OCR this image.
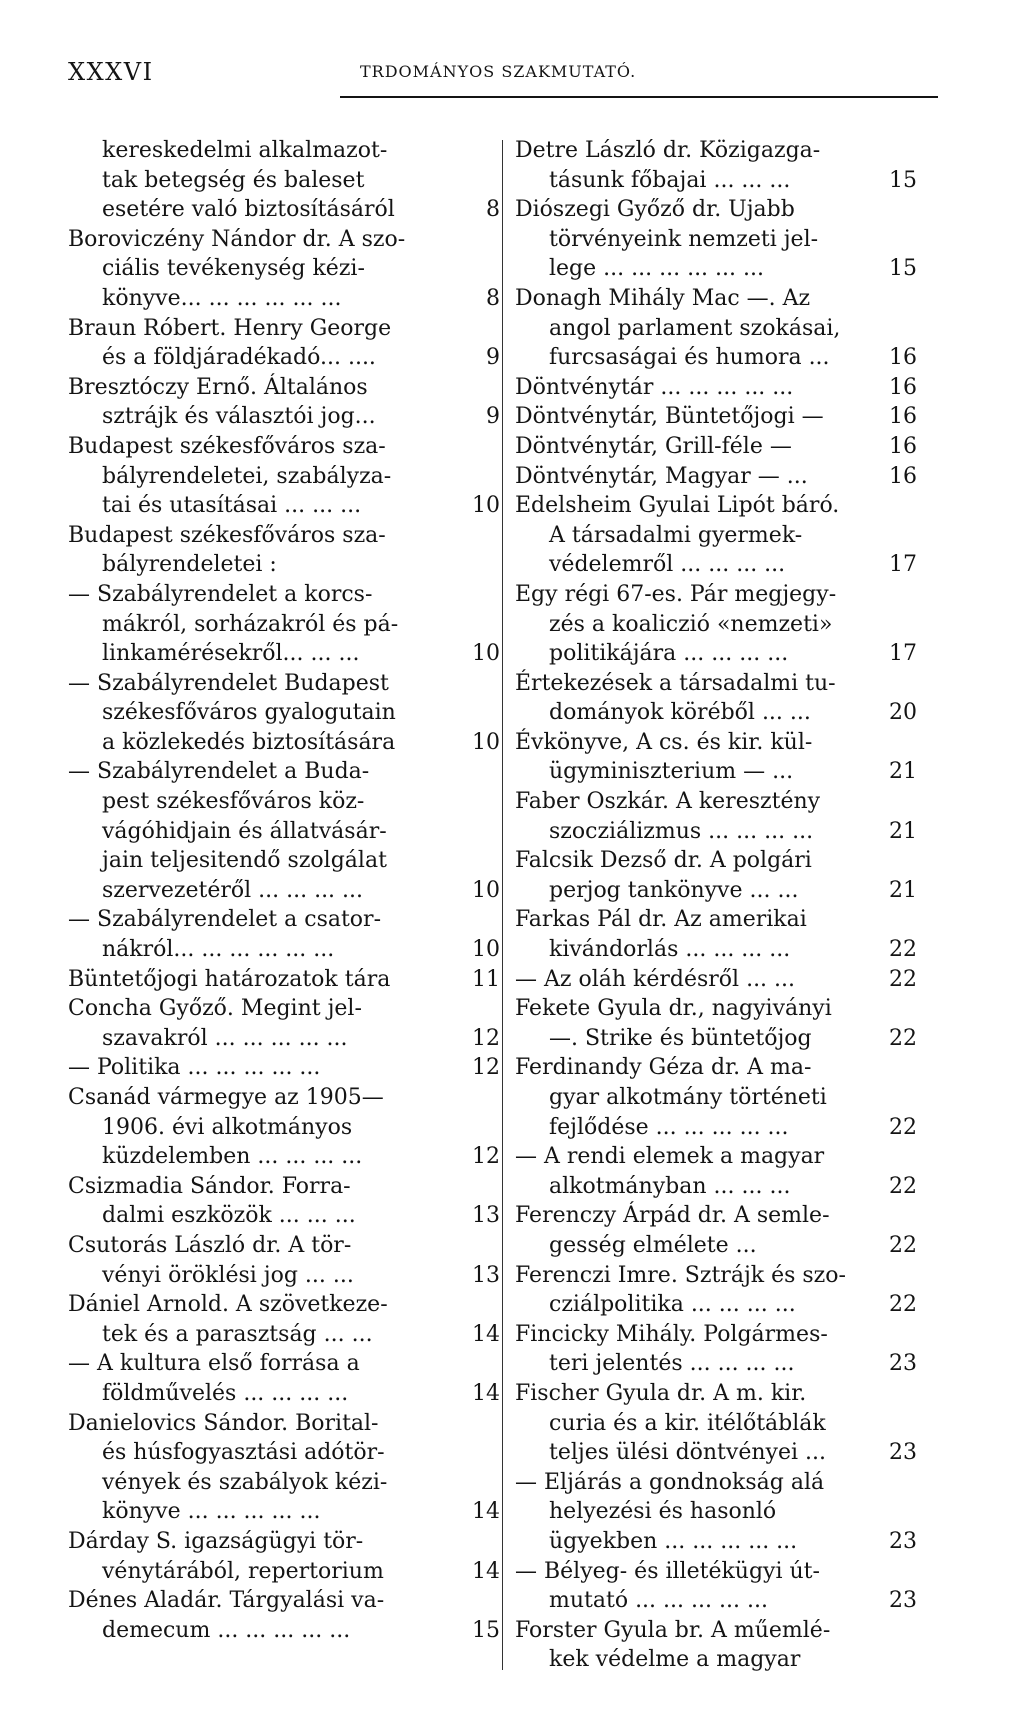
XXXVI	TRDOMÁNYOS SZAKMUTATÓ.
kereskedelmi alkalmazot-
tak betegség és baleset
esetére való biztosításáról	8
Boroviczény Nándor dr. A szo-
ciális tevékenység kézi-
könyve... ... ... ... ... ...	8
Braun Róbert. Henry George
és a földjáradékadó... ....	9
Bresztóczy Ernő. Általános
sztrájk és választói jog...	9
Budapest székesfőváros sza-
bályrendeletei, szabályza-
tai és utasításai ... ... ...	10
Budapest székesfőváros sza-
bályrendeletei :
— Szabályrendelet a korcs-
mákról, sorházakról és pá-
linkamérésekről... ... ...	10
— Szabályrendelet Budapest
székesfőváros gyalogutain
a közlekedés biztosítására	10
— Szabályrendelet a Buda-
pest székesfőváros köz-
vágóhidjain és állatvásár-
jain teljesitendő szolgálat
szervezetéről ... ... ... ...	10
— Szabályrendelet a csator-
nákról... ... ... ... ... ...	10
Büntetőjogi határozatok tára	11
Concha Győző. Megint jel-
szavakról ... ... ... ... ...	12
— Politika ... ... ... ... ...	12
Csanád vármegye az 1905—
1906. évi alkotmányos
küzdelemben ... ... ... ...	12
Csizmadia Sándor. Forra-
dalmi eszközök ... ... ...	13
Csutorás László dr. A tör-
vényi öröklési jog ... ...	13
Dániel Arnold. A szövetkeze-
tek és a parasztság ... ...	14
— A kultura első forrása a
földművelés ... ... ... ...	14
Danielovics Sándor. Borital-
és húsfogyasztási adótör-
vények és szabályok kézi-
könyve ... ... ... ... ...	14
Dárday S. igazságügyi tör-
vénytárából, repertorium	14
Dénes Aladár. Tárgyalási va-
demecum ... ... ... ... ...	15
Detre László dr. Közigazga-
tásunk főbajai ... ... ...	15
Diószegi Győző dr. Ujabb
törvényeink nemzeti jel-
lege ... ... ... ... ... ...	15
Donagh Mihály Mac —. Az
angol parlament szokásai,
furcsaságai és humora ...	16
Döntvénytár ... ... ... ... ...	16
Döntvénytár, Büntetőjogi —	16
Döntvénytár, Grill-féle —	16
Döntvénytár, Magyar — ...	16
Edelsheim Gyulai Lipót báró.
A társadalmi gyermek-
védelemről ... ... ... ...	17
Egy régi 67-es. Pár megjegy-
zés a koaliczió «nemzeti»
politikájára ... ... ... ...	17
Értekezések a társadalmi tu-
dományok köréből ... ...	20
Évkönyve, A cs. és kir. kül-
ügyminiszterium — ...	21
Faber Oszkár. A keresztény
szocziálizmus ... ... ... ...	21
Falcsik Dezső dr. A polgári
perjog tankönyve ... ...	21
Farkas Pál dr. Az amerikai
kivándorlás ... ... ... ...	22
— Az oláh kérdésről ... ...	22
Fekete Gyula dr., nagyiványi
—. Strike és büntetőjog	22
Ferdinandy Géza dr. A ma-
gyar alkotmány történeti
fejlődése ... ... ... ... ...	22
— A rendi elemek a magyar
alkotmányban ... ... ...	22
Ferenczy Árpád dr. A semle-
gesség elmélete ...	22
Ferenczi Imre. Sztrájk és szo-
cziálpolitika ... ... ... ...	22
Fincicky Mihály. Polgármes-
teri jelentés ... ... ... ...	23
Fischer Gyula dr. A m. kir.
curia és a kir. itélőtáblák
teljes ülési döntvényei ...	23
— Eljárás a gondnokság alá
helyezési és hasonló
ügyekben ... ... ... ... ...	23
— Bélyeg- és illetékügyi út-
mutató ... ... ... ... ...	23
Forster Gyula br. A műemlé-
kek védelme a magyar
